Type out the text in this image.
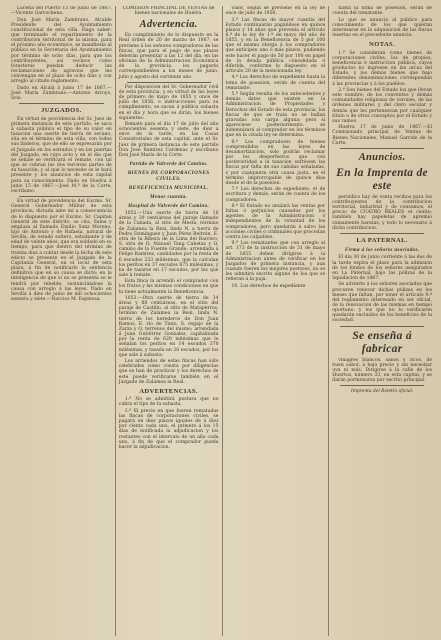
Lucena del Puerto 15 de junio de 1867.—Vicente Garrochena.

Don José María Zambrano, Alcalde Presidente del Ayuntamiento constitucional de esta villa. Hago saber: que terminado el repartimiento de la contribucion territorial de la misma, para el próximo año económico, se manifiesta al público en la Secretaría del Ayuntamiento por término de ocho días, para que los contribuyentes, así vecinos como forasteros puedan deducir las reclamaciones de agravios que les convengan en el plazo de ocho días y con arreglo al citado reglamento.

Dado en Alcalá á junio 17 de 1867.—José María Zambrano.—Antonio Arroyo, Srio.

JUZGADOS.

En virtud de providencia del Sr. Juez de primera instancia de este partido, se saca á subasta pública el tipo de su valor en tasacion una suerte de tierra de secano, sita en el término de esta villa, con todos sus linderos, que de ello se espresarán por el Juzgado en los estrados y en las puertas del Juzgado, en cuyo acto y en el día que se señale se verificará el remate, con tal que se cubran las dos terceras partes de su tasación; y al que lo necesite se le hará presente y los anuncios de esta capital para su conocimiento. Dado en Huelva á junio 15 de 1867.—José M.ª de la Corte, escribano.

En virtud de providencia del Excmo. Sr. General Gobernador Militar de esta provincia, dictada ante mí a consecuencia de lo dispuesto por el Excmo. Sr. Capitan General de este distrito, se cita, llama y emplaza al llamado Emilio Sanz Moreno, hijo de Antonio y de Rafaela, natural de Sevilla, de estado soltero, estudiante y de edad de veinte años, que era soldado en su tiempo, para que dentro del término de treinta días a contar desde la fecha de este edicto se presente en el Juzgado de la Capitanía General, en el local de esta plaza, á fin de notificarle la sentencia definitiva que en su causa se dictó; en la inteligencia de que si no se presenta se le tendrá por rebelde, sustanciándose la causa con arreglo á las leyes. Dado en Sevilla á diez de junio de mil ochocientos sesenta y siete.—Narciso M. Espinosa.

COMISION PRINCIPAL DE VENTAS de bienes nacionales de Huelva.

Advertencia.

En cumplimiento de lo dispuesto en la Real órden de 20 de marzo de 1867, se previene á los señores compradores de las fincas, que para el pago de sus plazos deberán presentar a las 12 del día, en las oficinas de la Administracion Económica de la provincia, los pagarés correspondientes a los meses de junio, julio y agosto del corriente año.

Por disposicion del Sr. Gobernador civil de esta provincia, y en virtud de las leyes de primero de mayo de 1855 y once de julio de 1856, e instrucciones para su cumplimiento, se sacan á pública subasta en el día y hora que se dirán, los bienes siguientes:

Remate para el día 17 de julio del año ochocientos sesenta y siete, de diez a once de la tarde, en las Casas Consistoriales de esta capital, ante el Sr. Juez de primera instancia de este partido Don José Ramírez Cardenas y escribano Don José María de la Corte.

Partido de Valverde del Camino.
BIENES DE CORPORACIONES CIVILES.
BENEFICENCIA MUNICIPAL.
Menor cuantía.
Hospital de Valverde del Camino.

1052.—Una suerte de tierra de 16 áreas y 39 centiáreas del paraje llamado de la Cañada, al sitio de Mesta, término de Zalamea la Real, linda N. a tierra de Pedro Domínguez y Juan Pérez Beltrán, E. otra de la Ribera de la Lima del Barrero, S. otra de D. Manuel Tang Cabetas y O. camino de la Fuente Grande; arrendada á Felipe Ramírez, cantidades por la renta de 6 escudos 233 milésimas, que la calculan los peritos en 37 escudos 875 milésimas, y ha de tasarse en 17 escudos, por los que sale á remate.

Esta finca la arrendó el comprador con los frutos y las mismas condiciones en que la tiene actualmente la Beneficencia.

1053.—Otra suerte de tierra de 34 áreas y 88 centiáreas, en el sitio del paraje de Castillo, al sitio de Mataperros, término de Zalamea la Real, linda N. tierra de los herederos de Don Juan Ramos, E. río de Tinto, S. regajo de la Zarza y O. terrenos del mismo; arrendada á Juan Gutiérrez Gonzalez, capitalizada por la renta de 620 milésimas que le señalan los peritos en 14 escudos 370 milésimas, y tasada en 20 escudos, por los que sale á subasta.

Los arriendos de estas fincas han sido celebrados como consta por diligencias que se han de practicar y los derechos de este puede verificarse también en el Juzgado de Zalamea la Real.

ADVERTENCIAS.

1.ª No se admitirá postura que no cubra el tipo de la subasta.

2.ª El precio en que fueren rematadas las fincas de corporaciones civiles, se pagará en diez plazos iguales de á diez por ciento cada uno, el primero á los 15 días de notificada la adjudicacion y los restantes con el intervalo de un año cada uno, á fin de que el comprador pueda hacer la adjudicacion.

valor, según se previene en la ley de once de julio de 1856.

3.ª Las fincas de mayor cuantía del Estado continuarán pagándose en quince plazos y 14 años que prevenía el artículo 6.º de la ley de 1.º de mayo del año de 1855, y en la Beneficencia de 5 por 100 que el mismo otorga á los compradores que anticipen uno ó más plazos, pudiendo este hacer el pago de 50 por 100 en papel de la deuda pública consolidada ó diferida, conforme lo dispuesto en el artículo 20 de la mencionada ley.

4.ª Los derechos de expediente hasta la toma de posesion, serán de cuenta del rematante.

5.ª Según resulta de los antecedentes y demás datos que existen en la Administracion de Propiedades y Derechos del Estado de esta provincia, las fincas de que se trata no se hallan gravadas con carga alguna; pero si apareciese posteriormente, se indemnizará al comprador en los términos que en la citada ley se determina.

6.ª Los compradores de bienes comprendidos en las leyes de desamortizacion, solo podrán reclamar por los desperfectos que con posterioridad a la tasacion sufriesen las fincas por falta de sus cabidas señaladas, ó por cualquiera otra causa justa, en el término improrrogable de quince días desde el de la posesion.

7.ª Los derechos de expediente, el de escritura y demás, serán de cuenta de los compradores.

8.ª El Estado no anulará las ventas por faltas ó perjuicios causados por los agentes de la Administracion ó independientes de la voluntad de los compradores, pero quedarán á salvo las acciones civiles ó criminales que procedan contra los culpables.

9.ª Los rematantes que con arreglo al art. 173 de la instruccion de 31 de mayo de 1855 deben dirigirse á la Administracion antes de verificar en los Juzgados de primera instancia, y aun cuando fueren los mejores postores, no se les admitirá escrito alguno de los que se refieran á la puja.

10. Los derechos de expediente

hasta la toma de posesion, serán de cuenta del rematante.

Lo que se anuncia al público para conocimiento de los que quieran interesarse en la adquisicion de las fincas insertas en el precedente anuncio.

NOTAS.

1.ª Se consideran como bienes de corporaciones civiles, los de propios, beneficencia é instruccion pública, cuyos productos no ingresen en las arcas del Estado, y los demás bienes que bajo diferentes denominaciones correspondan á las provincias y á los pueblos.

2.ª Son bienes del Estado los que llevan este nombre, de los conventos y demás comunidades religiosas de varones, de las órdenes militares y del clero secular y demás que les pertenezcan por cualquier título o de otros conceptos por el Estado y sus ramos.

Huelva 17 de junio de 1867.—El Comisionado principal de Ventas de Bienes Nacionales, Manuel Garrido de la Corte.

Anuncios.
En la Imprenta de este

periódico hay de venta recibos para los contribuyentes de la contribucion territorial, industrial y de consumos, el precio de CUATRO REALES el ciento; también hay papeletas de apremio sumamente baratas, y todo lo necesario á dicha contribucion.

LA PATERNAL.
Firma á los señores asociados.

El día 30 de junio corriente á las dos de la tarde expira el plazo para la admision de los fondos de los señores asegurados en La Paternal, bajo las pólizas de la liquidacion de 1867.

Se advierte á los señores asociados que procuren renovar dichas pólizas en los meses que faltan, por tener el artículo 9.º del reglamento interesado en ser oficial, de la renovacion de las mismas en tiempo oportuno, y los que no lo verificaren quedarán excluidos de los beneficios de la sociedad.

Se enseña á fabricar

vinagres blancos, sanos y ricos, de buen sabor, á bajo precio y sin necesitar uva ni más. Dirigirse á la calle de los Huertos, número 33, en esta capital, y se darán pormenores por escrito principal.

Imprenta del Boletín oficial.
